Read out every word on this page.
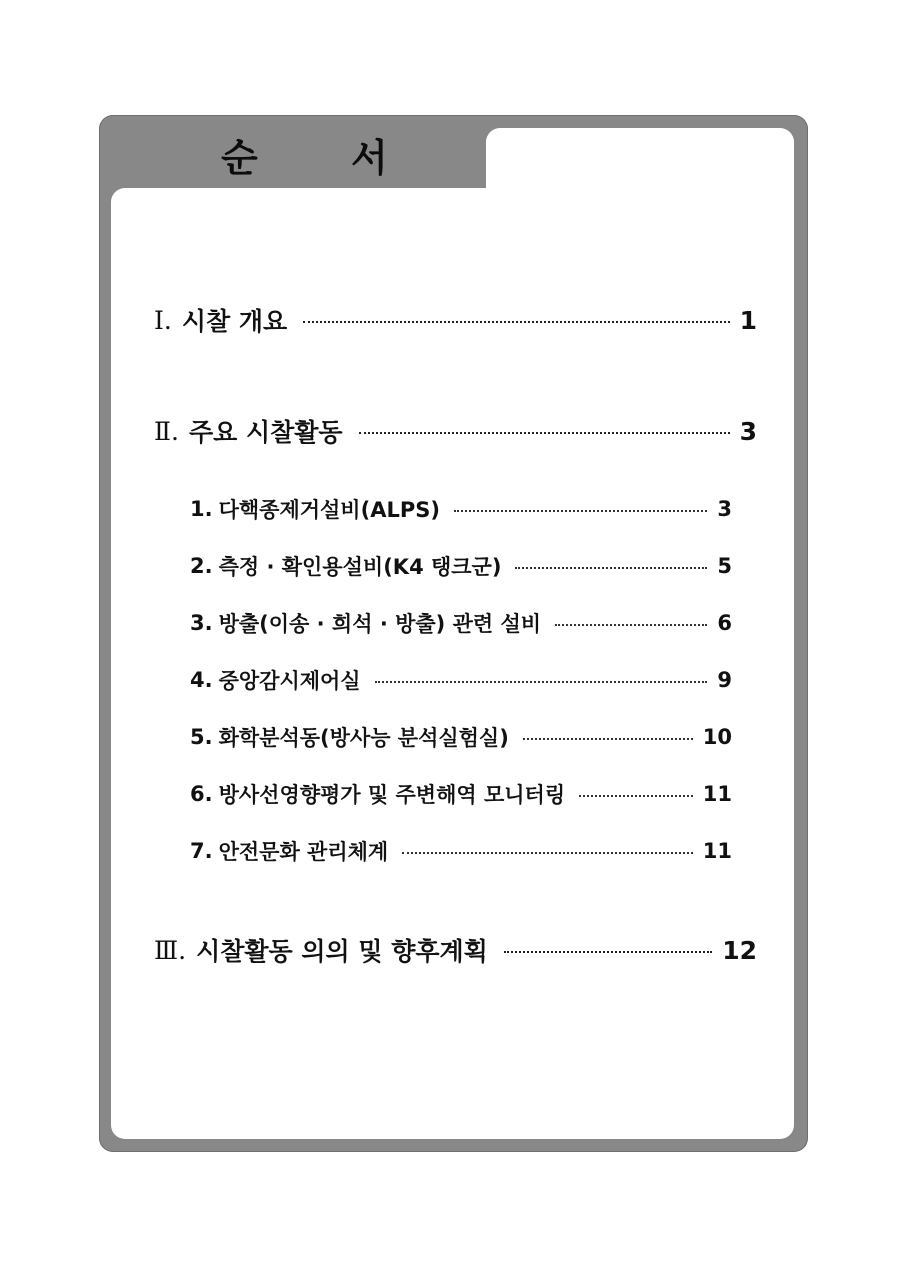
순 서
Ⅰ. 시찰 개요	1
Ⅱ. 주요 시찰활동	3
1. 다핵종제거설비(ALPS)	3
2. 측정 · 확인용설비(K4 탱크군)	5
3. 방출(이송 · 희석 · 방출) 관련 설비	6
4. 중앙감시제어실	9
5. 화학분석동(방사능 분석실험실)	10
6. 방사선영향평가 및 주변해역 모니터링	11
7. 안전문화 관리체계	11
Ⅲ. 시찰활동 의의 및 향후계획	12
